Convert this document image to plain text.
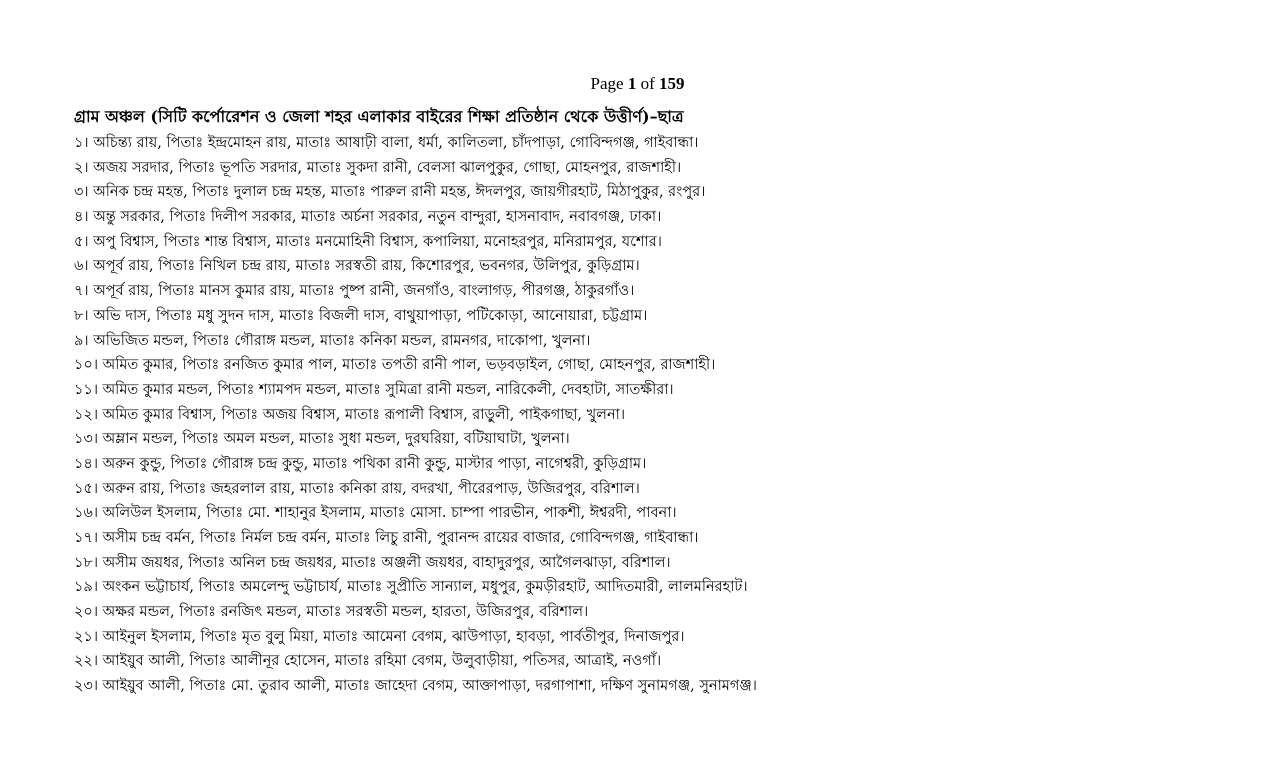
Page 1 of 159
গ্রাম অঞ্চল (সিটি কর্পোরেশন ও জেলা শহর এলাকার বাইরের শিক্ষা প্রতিষ্ঠান থেকে উত্তীর্ণ)–ছাত্র
১। অচিন্ত্য রায়, পিতাঃ ইন্দ্রমোহন রায়, মাতাঃ আষাঢ়ী বালা, ধর্মা, কালিতলা, চাঁদপাড়া, গোবিন্দগঞ্জ, গাইবান্ধা।
২। অজয় সরদার, পিতাঃ ভূপতি সরদার, মাতাঃ সুকদা রানী, বেলসা ঝালপুকুর, গোছা, মোহনপুর, রাজশাহী।
৩। অনিক চন্দ্র মহন্ত, পিতাঃ দুলাল চন্দ্র মহন্ত, মাতাঃ পারুল রানী মহন্ত, ঈদলপুর, জায়গীরহাট, মিঠাপুকুর, রংপুর।
৪। অন্তু সরকার, পিতাঃ দিলীপ সরকার, মাতাঃ অর্চনা সরকার, নতুন বান্দুরা, হাসনাবাদ, নবাবগঞ্জ, ঢাকা।
৫। অপু বিশ্বাস, পিতাঃ শান্ত বিশ্বাস, মাতাঃ মনমোহিনী বিশ্বাস, কপালিয়া, মনোহরপুর, মনিরামপুর, যশোর।
৬। অপূর্ব রায়, পিতাঃ নিখিল চন্দ্র রায়, মাতাঃ সরস্বতী রায়, কিশোরপুর, ভবনগর, উলিপুর, কুড়িগ্রাম।
৭। অপূর্ব রায়, পিতাঃ মানস কুমার রায়, মাতাঃ পুষ্প রানী, জনগাঁও, বাংলাগড়, পীরগঞ্জ, ঠাকুরগাঁও।
৮। অভি দাস, পিতাঃ মধু সুদন দাস, মাতাঃ বিজলী দাস, বাথুয়াপাড়া, পটিকোড়া, আনোয়ারা, চট্টগ্রাম।
৯। অভিজিত মন্ডল, পিতাঃ গৌরাঙ্গ মন্ডল, মাতাঃ কনিকা মন্ডল, রামনগর, দাকোপা, খুলনা।
১০। অমিত কুমার, পিতাঃ রনজিত কুমার পাল, মাতাঃ তপতী রানী পাল, ভড়বড়াইল, গোছা, মোহনপুর, রাজশাহী।
১১। অমিত কুমার মন্ডল, পিতাঃ শ্যামপদ মন্ডল, মাতাঃ সুমিত্রা রানী মন্ডল, নারিকেলী, দেবহাটা, সাতক্ষীরা।
১২। অমিত কুমার বিশ্বাস, পিতাঃ অজয় বিশ্বাস, মাতাঃ রূপালী বিশ্বাস, রাড়ুলী, পাইকগাছা, খুলনা।
১৩। অম্লান মন্ডল, পিতাঃ অমল মন্ডল, মাতাঃ সুধা মন্ডল, দুরঘরিয়া, বটিয়াঘাটা, খুলনা।
১৪। অরুন কুন্ডু, পিতাঃ গৌরাঙ্গ চন্দ্র কুন্ডু, মাতাঃ পথিকা রানী কুন্ডু, মাস্টার পাড়া, নাগেশ্বরী, কুড়িগ্রাম।
১৫। অরুন রায়, পিতাঃ জহরলাল রায়, মাতাঃ কনিকা রায়, বদরখা, পীরেরপাড়, উজিরপুর, বরিশাল।
১৬। অলিউল ইসলাম, পিতাঃ মো. শাহানুর ইসলাম, মাতাঃ মোসা. চাম্পা পারভীন, পাকশী, ঈশ্বরদী, পাবনা।
১৭। অসীম চন্দ্র বর্মন, পিতাঃ নির্মল চন্দ্র বর্মন, মাতাঃ লিচু রানী, পুরানন্দ রায়ের বাজার, গোবিন্দগঞ্জ, গাইবান্ধা।
১৮। অসীম জয়ধর, পিতাঃ অনিল চন্দ্র জয়ধর, মাতাঃ অঞ্জলী জয়ধর, বাহাদুরপুর, আগৈলঝাড়া, বরিশাল।
১৯। অংকন ভট্টাচার্য, পিতাঃ অমলেন্দু ভট্টাচার্য, মাতাঃ সুপ্রীতি সান্যাল, মধুপুর, কুমড়ীরহাট, আদিতমারী, লালমনিরহাট।
২০। অক্ষর মন্ডল, পিতাঃ রনজিৎ মন্ডল, মাতাঃ সরস্বতী মন্ডল, হারতা, উজিরপুর, বরিশাল।
২১। আইনুল ইসলাম, পিতাঃ মৃত বুলু মিয়া, মাতাঃ আমেনা বেগম, ঝাউপাড়া, হাবড়া, পার্বতীপুর, দিনাজপুর।
২২। আইয়ুব আলী, পিতাঃ আলীনূর হোসেন, মাতাঃ রহিমা বেগম, উলুবাড়ীয়া, পতিসর, আত্রাই, নওগাঁ।
২৩। আইয়ুব আলী, পিতাঃ মো. তুরাব আলী, মাতাঃ জাহেদা বেগম, আক্তাপাড়া, দরগাপাশা, দক্ষিণ সুনামগঞ্জ, সুনামগঞ্জ।
